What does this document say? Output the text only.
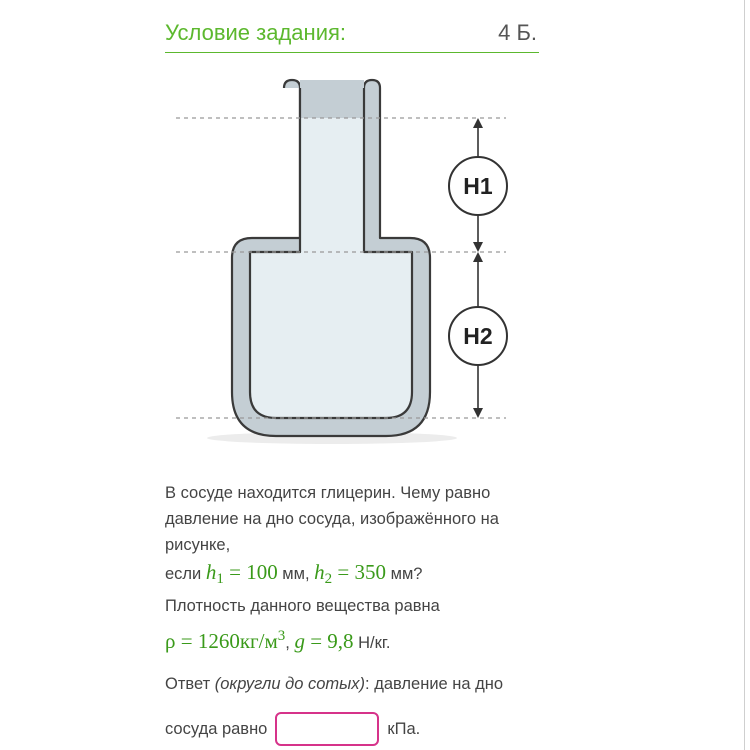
Условие задания:	4 Б.
H1
H2
В сосуде находится глицерин. Чему равно
давление на дно сосуда, изображённого на
рисунке,
если $h_1 = 100$ мм, $h_2 = 350$ мм?
Плотность данного вещества равна
$\rho = 1260кг/м^3$, g = 9,8 Н/кг.
Ответ (округли до сотых): давление на дно
сосуда равно	кПа.
